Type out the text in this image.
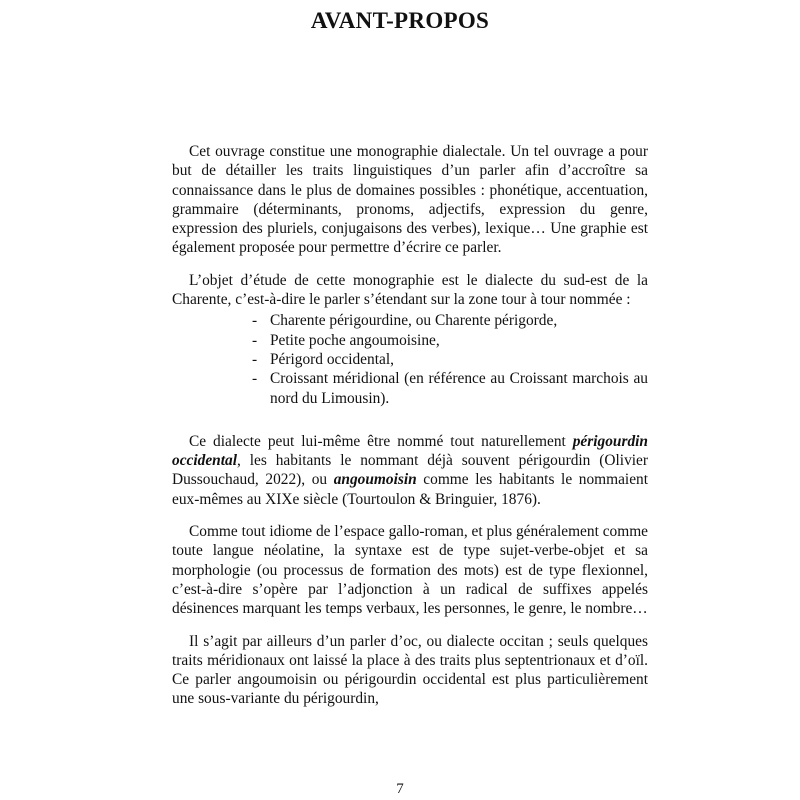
AVANT-PROPOS

Cet ouvrage constitue une monographie dialectale. Un tel ouvrage a pour but de détailler les traits linguistiques d’un parler afin d’accroître sa connaissance dans le plus de domaines possibles : phonétique, accentuation, grammaire (déterminants, pronoms, adjectifs, expression du genre, expression des pluriels, conjugaisons des verbes), lexique… Une graphie est également proposée pour permettre d’écrire ce parler.

L’objet d’étude de cette monographie est le dialecte du sud-est de la Charente, c’est-à-dire le parler s’étendant sur la zone tour à tour nommée :

- Charente périgourdine, ou Charente périgorde,
- Petite poche angoumoisine,
- Périgord occidental,
- Croissant méridional (en référence au Croissant marchois au nord du Limousin).

Ce dialecte peut lui-même être nommé tout naturellement périgourdin occidental, les habitants le nommant déjà souvent périgourdin (Olivier Dussouchaud, 2022), ou angoumoisin comme les habitants le nommaient eux-mêmes au XIXe siècle (Tourtoulon & Bringuier, 1876).

Comme tout idiome de l’espace gallo-roman, et plus généralement comme toute langue néolatine, la syntaxe est de type sujet-verbe-objet et sa morphologie (ou processus de formation des mots) est de type flexionnel, c’est-à-dire s’opère par l’adjonction à un radical de suffixes appelés désinences marquant les temps verbaux, les personnes, le genre, le nombre…

Il s’agit par ailleurs d’un parler d’oc, ou dialecte occitan ; seuls quelques traits méridionaux ont laissé la place à des traits plus septentrionaux et d’oïl. Ce parler angoumoisin ou périgourdin occidental est plus particulièrement une sous-variante du périgourdin,

7
